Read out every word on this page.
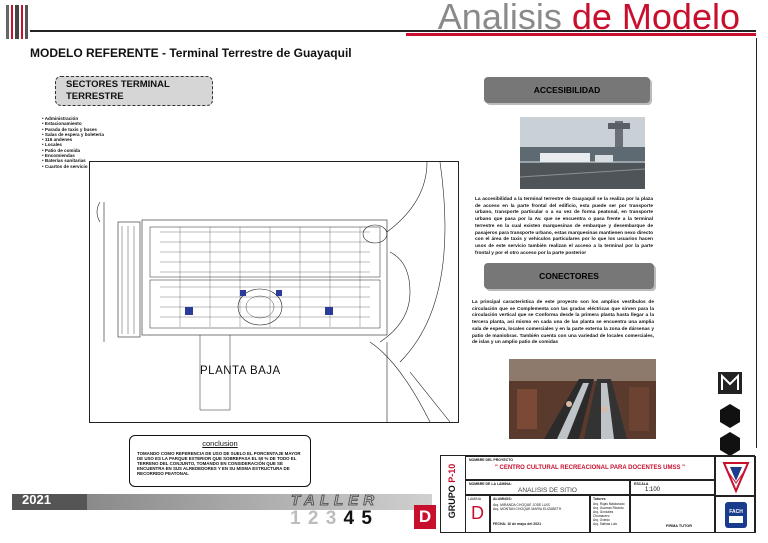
Analisis de Modelo
MODELO REFERENTE - Terminal Terrestre de Guayaquil
SECTORES TERMINAL TERRESTRE
• Administración
• Estacionamiento
• Parada de taxis y buses
• Salas de espera y boletería
• 116 andenes
• Locales
• Patio de comida
• Encomiendas
• Baterías sanitarias
• Cuartos de servicio
PLANTA BAJA
conclusion
TOMANDO COMO REFERENCIA DE USO DE SUELO EL PORCENTAJE MAYOR DE USO ES LA PARQUE EXTERIOR QUE SOBREPASA EL 50 % DE TODO EL TERRENO DEL CONJUNTO, TOMANDO EN CONSIDERACIÓN QUE SE ENCUENTRA EN SUS ALREDEDORES Y EN SU MISMA ESTRUCTURA DE RECORRIDO PEATONAL
ACCESIBILIDAD
La accesibilidad a la terminal terrestre de Guayaquil se la realiza por la plaza de acceso en la parte frontal del edificio, esta puede ser por transporte urbano, transporte particular o a su vez de forma peatonal, en transporte urbano que pasa por la Av. que se encuentra o pasa frente a la terminal terrestre en la cual existen marquesinas de embarque y desembarque de pasajeros para transporte urbano, estas marquesinas mantienen nexo directo con el área de taxis y vehículos particulares por lo que los usuarios hacen usos de este servicio también realizan el acceso a la terminal por la parte frontal y por el otro acceso por la parte posterior
CONECTORES
La principal característica de este proyecto son los amplios vestíbulos de circulación que se Complementa con las gradas eléctricas que sirven para la circulación vertical que se Conforma desde la primera planta hasta llegar a la tercera planta, asi mismo en cada una de las planta se encuentra una amplia sala de espera, locales comerciales y en la parte externa la zona de dársenas y patio de maniobras. También cuenta con una variedad de locales comerciales, de islas y un amplio patio de comidas
2021	TALLER
1 2 3 4 5	D
NOMBRE DEL PROYECTO
" CENTRO CULTURAL RECREACIONAL PARA DOCENTES UMSS "
NOMBRE DE LA LAMINA:
ANALISIS DE SITIO
ESCALA
1:100
LAMINA
D
ALUMNOS:
Arq. MIRANDA CHOQUE JOSE LUIS
Arq. MONTAN CHOQUE MARIA ELIZABETH
FECHA: 10 de mayo del 2021
Tutores
Arq. Rojas Maldonado
Arq. Guzman Ricardo
Arq. Gonzales Chumacero
Arq. Oviedo
Arq. Salinas Luis	FIRMA TUTOR
FACH
GRUPO P-10
